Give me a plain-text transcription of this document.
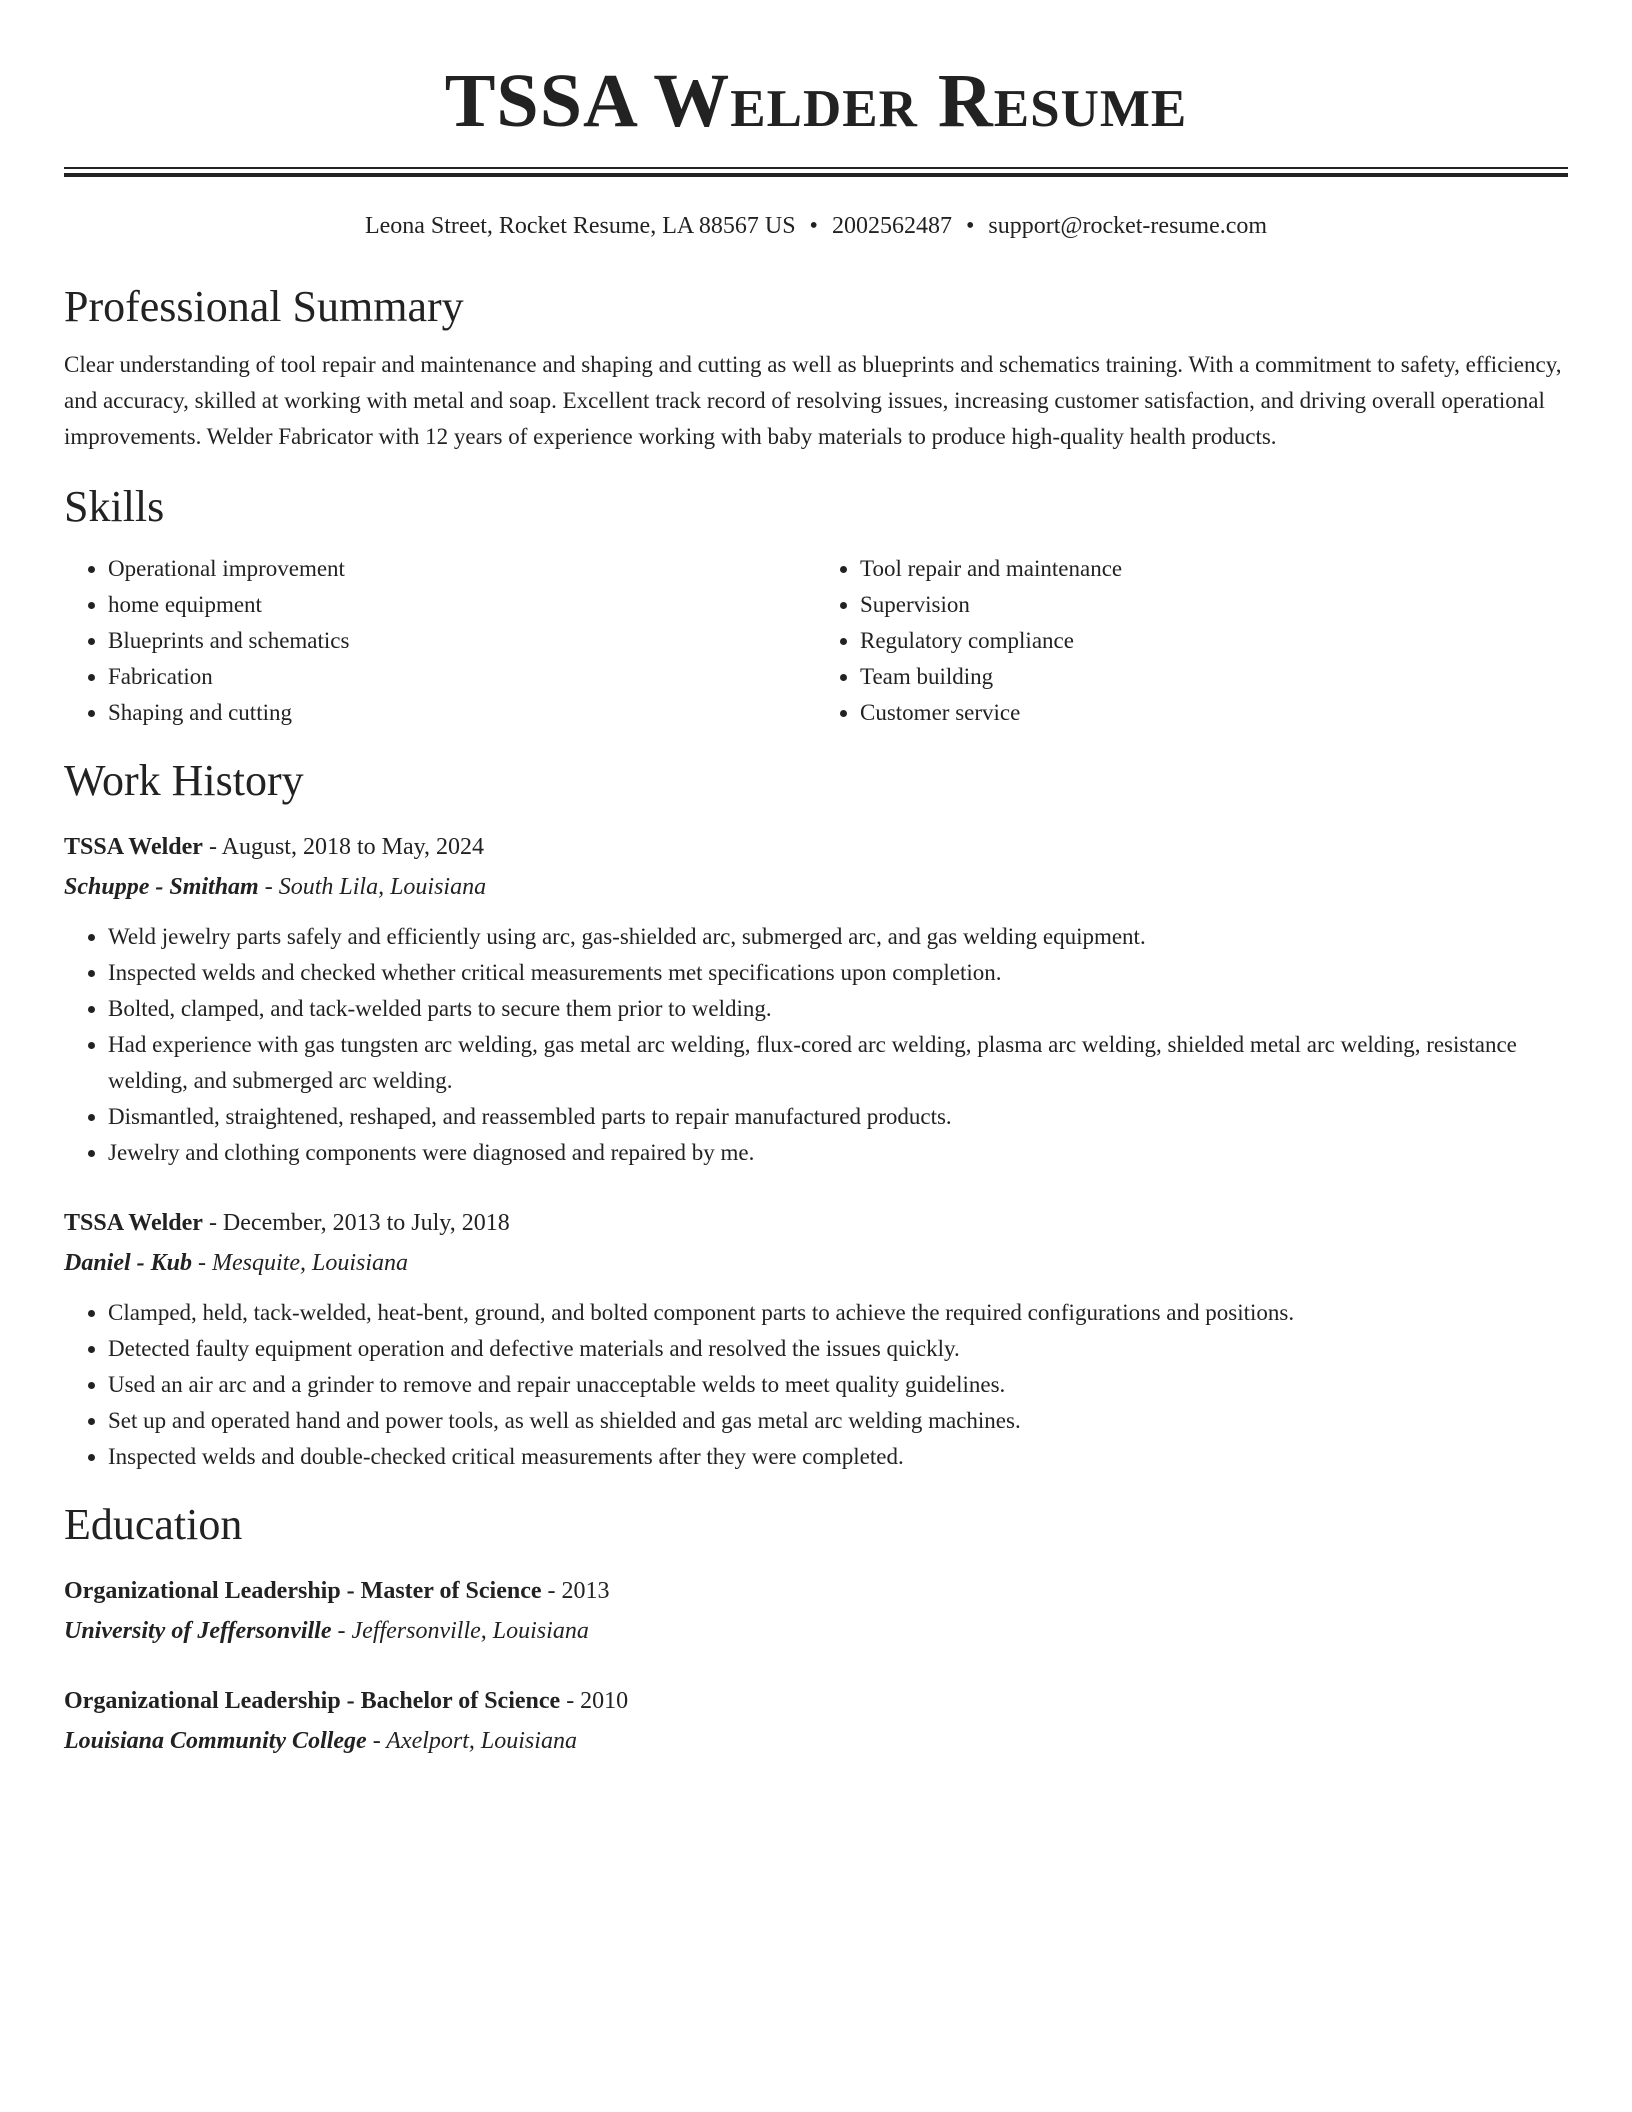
TSSA Welder Resume
Leona Street, Rocket Resume, LA 88567 US • 2002562487 • support@rocket-resume.com
Professional Summary

Clear understanding of tool repair and maintenance and shaping and cutting as well as blueprints and schematics training. With a commitment to safety, efficiency, and accuracy, skilled at working with metal and soap. Excellent track record of resolving issues, increasing customer satisfaction, and driving overall operational improvements. Welder Fabricator with 12 years of experience working with baby materials to produce high-quality health products.

Skills
• Operational improvement
• home equipment
• Blueprints and schematics
• Fabrication
• Shaping and cutting
• Tool repair and maintenance
• Supervision
• Regulatory compliance
• Team building
• Customer service
Work History
TSSA Welder - August, 2018 to May, 2024
Schuppe - Smitham - South Lila, Louisiana
• Weld jewelry parts safely and efficiently using arc, gas-shielded arc, submerged arc, and gas welding equipment.
• Inspected welds and checked whether critical measurements met specifications upon completion.
• Bolted, clamped, and tack-welded parts to secure them prior to welding.
• Had experience with gas tungsten arc welding, gas metal arc welding, flux-cored arc welding, plasma arc welding, shielded metal arc welding, resistance welding, and submerged arc welding.
• Dismantled, straightened, reshaped, and reassembled parts to repair manufactured products.
• Jewelry and clothing components were diagnosed and repaired by me.
TSSA Welder - December, 2013 to July, 2018
Daniel - Kub - Mesquite, Louisiana
• Clamped, held, tack-welded, heat-bent, ground, and bolted component parts to achieve the required configurations and positions.
• Detected faulty equipment operation and defective materials and resolved the issues quickly.
• Used an air arc and a grinder to remove and repair unacceptable welds to meet quality guidelines.
• Set up and operated hand and power tools, as well as shielded and gas metal arc welding machines.
• Inspected welds and double-checked critical measurements after they were completed.
Education
Organizational Leadership - Master of Science - 2013
University of Jeffersonville - Jeffersonville, Louisiana
Organizational Leadership - Bachelor of Science - 2010
Louisiana Community College - Axelport, Louisiana
